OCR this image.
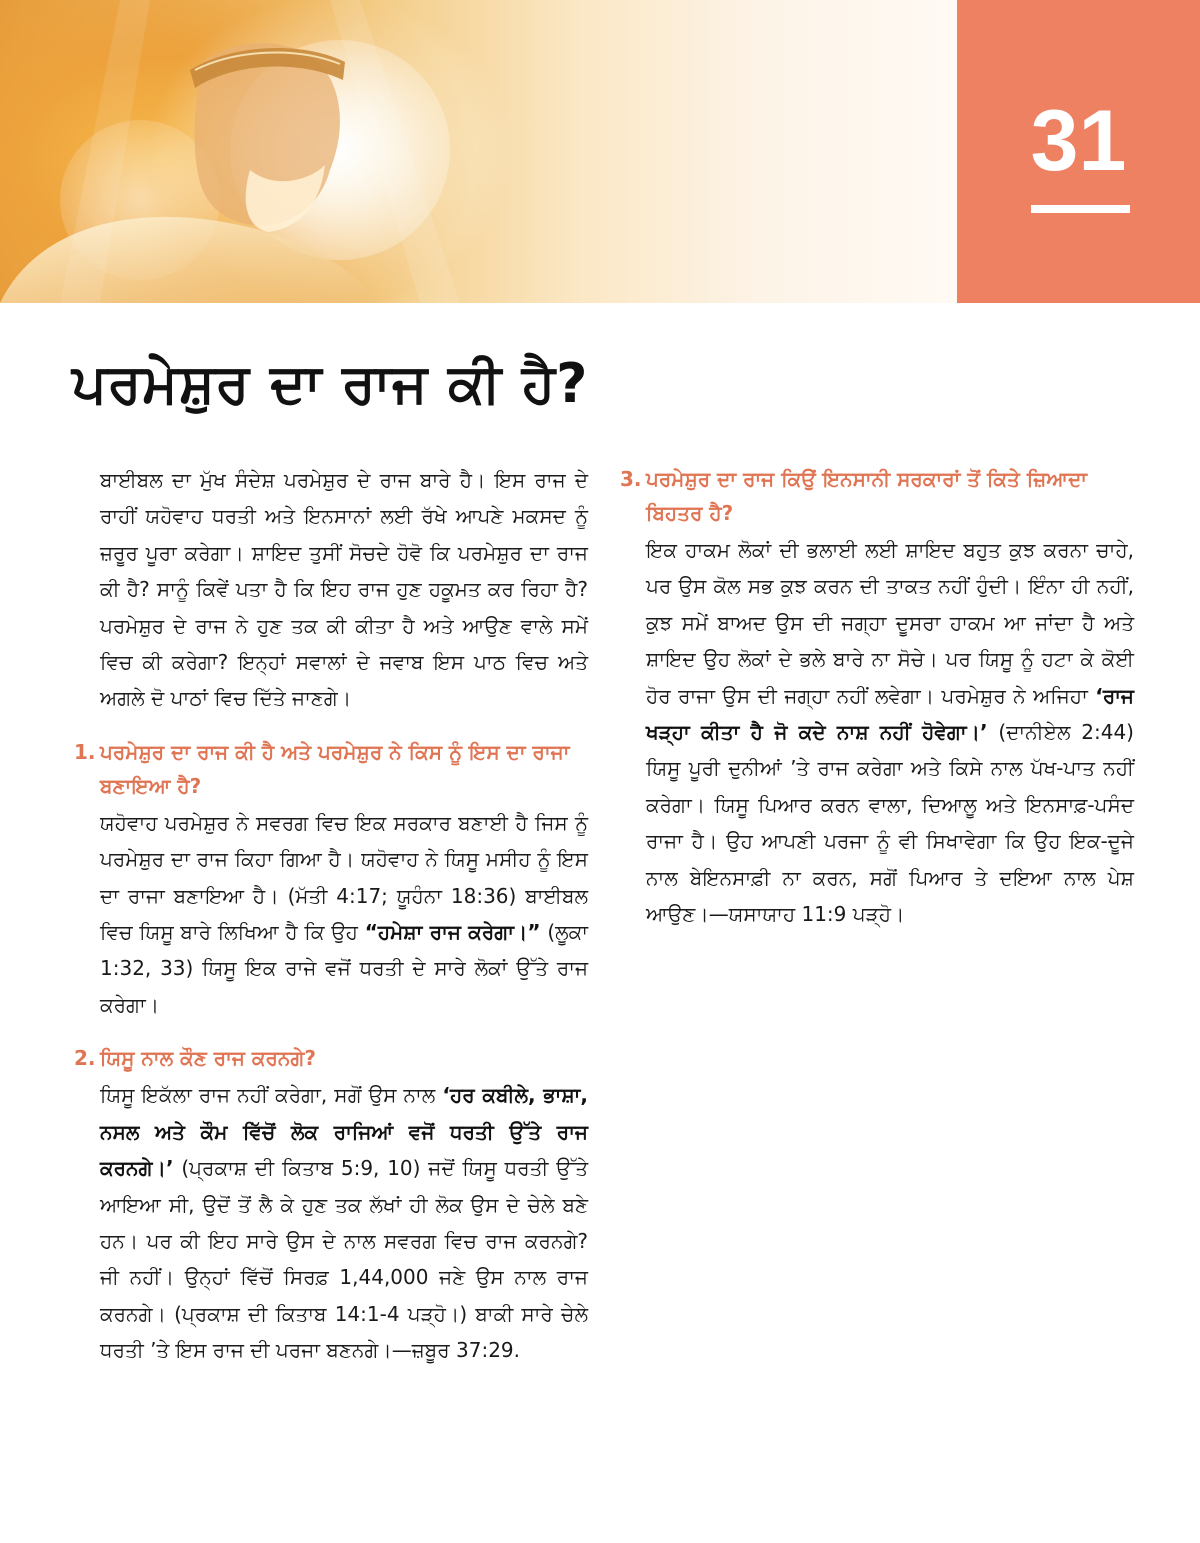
31
ਪਰਮੇਸ਼ੁਰ ਦਾ ਰਾਜ ਕੀ ਹੈ?

ਬਾਈਬਲ ਦਾ ਮੁੱਖ ਸੰਦੇਸ਼ ਪਰਮੇਸ਼ੁਰ ਦੇ ਰਾਜ ਬਾਰੇ ਹੈ। ਇਸ ਰਾਜ ਦੇ ਰਾਹੀਂ ਯਹੋਵਾਹ ਧਰਤੀ ਅਤੇ ਇਨਸਾਨਾਂ ਲਈ ਰੱਖੇ ਆਪਣੇ ਮਕਸਦ ਨੂੰ ਜ਼ਰੂਰ ਪੂਰਾ ਕਰੇਗਾ। ਸ਼ਾਇਦ ਤੁਸੀਂ ਸੋਚਦੇ ਹੋਵੋ ਕਿ ਪਰਮੇਸ਼ੁਰ ਦਾ ਰਾਜ ਕੀ ਹੈ? ਸਾਨੂੰ ਕਿਵੇਂ ਪਤਾ ਹੈ ਕਿ ਇਹ ਰਾਜ ਹੁਣ ਹਕੂਮਤ ਕਰ ਰਿਹਾ ਹੈ? ਪਰਮੇਸ਼ੁਰ ਦੇ ਰਾਜ ਨੇ ਹੁਣ ਤਕ ਕੀ ਕੀਤਾ ਹੈ ਅਤੇ ਆਉਣ ਵਾਲੇ ਸਮੇਂ ਵਿਚ ਕੀ ਕਰੇਗਾ? ਇਨ੍ਹਾਂ ਸਵਾਲਾਂ ਦੇ ਜਵਾਬ ਇਸ ਪਾਠ ਵਿਚ ਅਤੇ ਅਗਲੇ ਦੋ ਪਾਠਾਂ ਵਿਚ ਦਿੱਤੇ ਜਾਣਗੇ।

1. ਪਰਮੇਸ਼ੁਰ ਦਾ ਰਾਜ ਕੀ ਹੈ ਅਤੇ ਪਰਮੇਸ਼ੁਰ ਨੇ ਕਿਸ ਨੂੰ ਇਸ ਦਾ ਰਾਜਾ ਬਣਾਇਆ ਹੈ?

ਯਹੋਵਾਹ ਪਰਮੇਸ਼ੁਰ ਨੇ ਸਵਰਗ ਵਿਚ ਇਕ ਸਰਕਾਰ ਬਣਾਈ ਹੈ ਜਿਸ ਨੂੰ ਪਰਮੇਸ਼ੁਰ ਦਾ ਰਾਜ ਕਿਹਾ ਗਿਆ ਹੈ। ਯਹੋਵਾਹ ਨੇ ਯਿਸੂ ਮਸੀਹ ਨੂੰ ਇਸ ਦਾ ਰਾਜਾ ਬਣਾਇਆ ਹੈ। (ਮੱਤੀ 4:17; ਯੂਹੰਨਾ 18:36) ਬਾਈਬਲ ਵਿਚ ਯਿਸੂ ਬਾਰੇ ਲਿਖਿਆ ਹੈ ਕਿ ਉਹ “ਹਮੇਸ਼ਾ ਰਾਜ ਕਰੇਗਾ।” (ਲੂਕਾ 1:32, 33) ਯਿਸੂ ਇਕ ਰਾਜੇ ਵਜੋਂ ਧਰਤੀ ਦੇ ਸਾਰੇ ਲੋਕਾਂ ਉੱਤੇ ਰਾਜ ਕਰੇਗਾ।

2. ਯਿਸੂ ਨਾਲ ਕੌਣ ਰਾਜ ਕਰਨਗੇ?

ਯਿਸੂ ਇਕੱਲਾ ਰਾਜ ਨਹੀਂ ਕਰੇਗਾ, ਸਗੋਂ ਉਸ ਨਾਲ ‘ਹਰ ਕਬੀਲੇ, ਭਾਸ਼ਾ, ਨਸਲ ਅਤੇ ਕੌਮ ਵਿੱਚੋਂ ਲੋਕ ਰਾਜਿਆਂ ਵਜੋਂ ਧਰਤੀ ਉੱਤੇ ਰਾਜ ਕਰਨਗੇ।’ (ਪ੍ਰਕਾਸ਼ ਦੀ ਕਿਤਾਬ 5:9, 10) ਜਦੋਂ ਯਿਸੂ ਧਰਤੀ ਉੱਤੇ ਆਇਆ ਸੀ, ਉਦੋਂ ਤੋਂ ਲੈ ਕੇ ਹੁਣ ਤਕ ਲੱਖਾਂ ਹੀ ਲੋਕ ਉਸ ਦੇ ਚੇਲੇ ਬਣੇ ਹਨ। ਪਰ ਕੀ ਇਹ ਸਾਰੇ ਉਸ ਦੇ ਨਾਲ ਸਵਰਗ ਵਿਚ ਰਾਜ ਕਰਨਗੇ? ਜੀ ਨਹੀਂ। ਉਨ੍ਹਾਂ ਵਿੱਚੋਂ ਸਿਰਫ਼ 1,44,000 ਜਣੇ ਉਸ ਨਾਲ ਰਾਜ ਕਰਨਗੇ। (ਪ੍ਰਕਾਸ਼ ਦੀ ਕਿਤਾਬ 14:1-4 ਪੜ੍ਹੋ।) ਬਾਕੀ ਸਾਰੇ ਚੇਲੇ ਧਰਤੀ ’ਤੇ ਇਸ ਰਾਜ ਦੀ ਪਰਜਾ ਬਣਨਗੇ।—ਜ਼ਬੂਰ 37:29.

3. ਪਰਮੇਸ਼ੁਰ ਦਾ ਰਾਜ ਕਿਉਂ ਇਨਸਾਨੀ ਸਰਕਾਰਾਂ ਤੋਂ ਕਿਤੇ ਜ਼ਿਆਦਾ ਬਿਹਤਰ ਹੈ?

ਇਕ ਹਾਕਮ ਲੋਕਾਂ ਦੀ ਭਲਾਈ ਲਈ ਸ਼ਾਇਦ ਬਹੁਤ ਕੁਝ ਕਰਨਾ ਚਾਹੇ, ਪਰ ਉਸ ਕੋਲ ਸਭ ਕੁਝ ਕਰਨ ਦੀ ਤਾਕਤ ਨਹੀਂ ਹੁੰਦੀ। ਇੰਨਾ ਹੀ ਨਹੀਂ, ਕੁਝ ਸਮੇਂ ਬਾਅਦ ਉਸ ਦੀ ਜਗ੍ਹਾ ਦੂਸਰਾ ਹਾਕਮ ਆ ਜਾਂਦਾ ਹੈ ਅਤੇ ਸ਼ਾਇਦ ਉਹ ਲੋਕਾਂ ਦੇ ਭਲੇ ਬਾਰੇ ਨਾ ਸੋਚੇ। ਪਰ ਯਿਸੂ ਨੂੰ ਹਟਾ ਕੇ ਕੋਈ ਹੋਰ ਰਾਜਾ ਉਸ ਦੀ ਜਗ੍ਹਾ ਨਹੀਂ ਲਵੇਗਾ। ਪਰਮੇਸ਼ੁਰ ਨੇ ਅਜਿਹਾ ‘ਰਾਜ ਖੜ੍ਹਾ ਕੀਤਾ ਹੈ ਜੋ ਕਦੇ ਨਾਸ਼ ਨਹੀਂ ਹੋਵੇਗਾ।’ (ਦਾਨੀਏਲ 2:44) ਯਿਸੂ ਪੂਰੀ ਦੁਨੀਆਂ ’ਤੇ ਰਾਜ ਕਰੇਗਾ ਅਤੇ ਕਿਸੇ ਨਾਲ ਪੱਖ-ਪਾਤ ਨਹੀਂ ਕਰੇਗਾ। ਯਿਸੂ ਪਿਆਰ ਕਰਨ ਵਾਲਾ, ਦਿਆਲੂ ਅਤੇ ਇਨਸਾਫ਼-ਪਸੰਦ ਰਾਜਾ ਹੈ। ਉਹ ਆਪਣੀ ਪਰਜਾ ਨੂੰ ਵੀ ਸਿਖਾਵੇਗਾ ਕਿ ਉਹ ਇਕ-ਦੂਜੇ ਨਾਲ ਬੇਇਨਸਾਫ਼ੀ ਨਾ ਕਰਨ, ਸਗੋਂ ਪਿਆਰ ਤੇ ਦਇਆ ਨਾਲ ਪੇਸ਼ ਆਉਣ।—ਯਸਾਯਾਹ 11:9 ਪੜ੍ਹੋ।
